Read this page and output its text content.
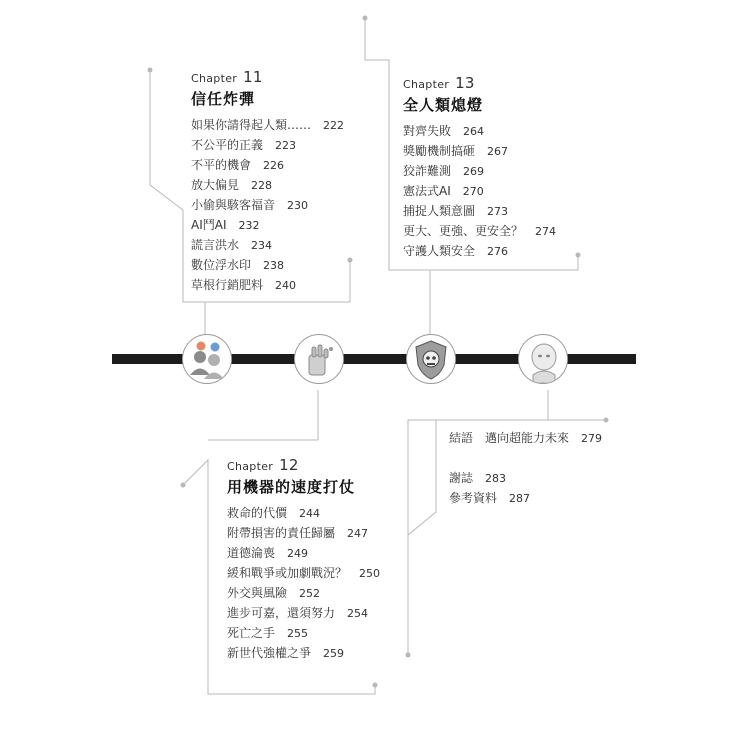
Chapter 11
信任炸彈
如果你請得起人類…… 222
不公平的正義 223
不平的機會 226
放大偏見 228
小偷與駭客福音 230
AI鬥AI 232
謊言洪水 234
數位浮水印 238
草根行銷肥料 240
Chapter 13
全人類熄燈
對齊失敗 264
獎勵機制搞砸 267
狡詐難測 269
憲法式AI 270
捕捉人類意圖 273
更大、更強、更安全？ 274
守護人類安全 276
Chapter 12
用機器的速度打仗
救命的代價 244
附帶損害的責任歸屬 247
道德淪喪 249
緩和戰爭或加劇戰況？ 250
外交與風險 252
進步可嘉，還須努力 254
死亡之手 255
新世代強權之爭 259
結語　邁向超能力未來 279
謝誌 283
參考資料 287
